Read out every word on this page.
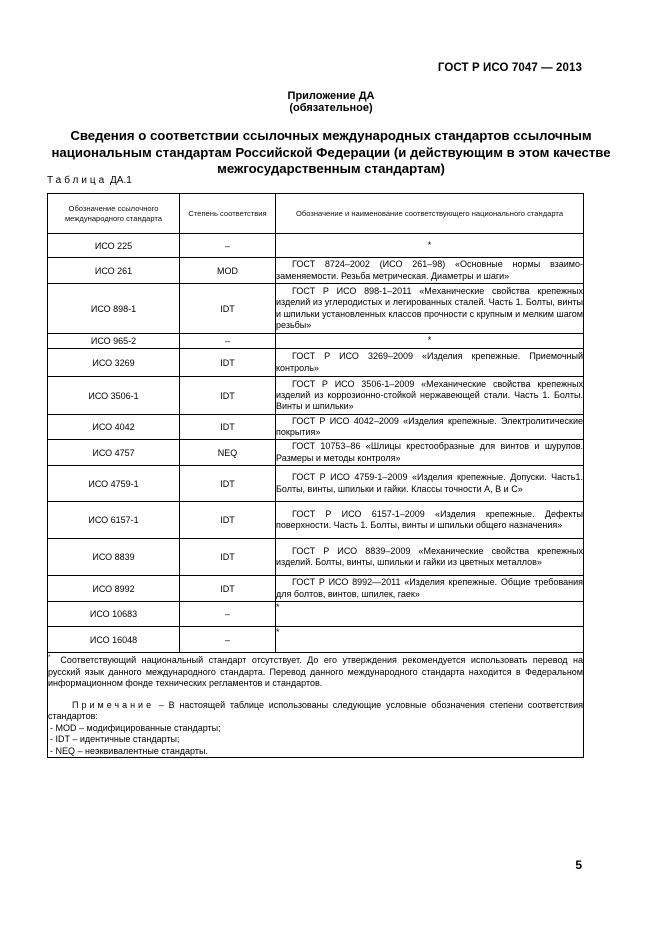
ГОСТ Р ИСО 7047 — 2013
Приложение ДА
(обязательное)
Сведения о соответствии ссылочных международных стандартов ссылочным национальным стандартам Российской Федерации (и действующим в этом качестве межгосударственным стандартам)
Таблица ДА.1
Обозначение ссылочного международного стандарта	Степень соответствия	Обозначение и наименование соответствующего национального стандарта
ИСО 225	–	*
ИСО 261	MOD	ГОСТ 8724–2002 (ИСО 261–98) «Основные нормы взаимозаменяемости. Резьба метрическая. Диаметры и шаги»
ИСО 898-1	IDT	ГОСТ Р ИСО 898-1–2011 «Механические свойства крепежных изделий из углеродистых и легированных сталей. Часть 1. Болты, винты и шпильки установленных классов прочности с крупным и мелким шагом резьбы»
ИСО 965-2	–	*
ИСО 3269	IDT	ГОСТ Р ИСО 3269–2009 «Изделия крепежные. Приемочный контроль»
ИСО 3506-1	IDT	ГОСТ Р ИСО 3506-1–2009 «Механические свойства крепежных изделий из коррозионно-стойкой нержавеющей стали. Часть 1. Болты. Винты и шпильки»
ИСО 4042	IDT	ГОСТ Р ИСО 4042–2009 «Изделия крепежные. Электролитические покрытия»
ИСО 4757	NEQ	ГОСТ 10753–86 «Шлицы крестообразные для винтов и шурупов. Размеры и методы контроля»
ИСО 4759-1	IDT	ГОСТ Р ИСО 4759-1–2009 «Изделия крепежные. Допуски. Часть1. Болты, винты, шпильки и гайки. Классы точности А, В и С»
ИСО 6157-1	IDT	ГОСТ Р ИСО 6157-1–2009 «Изделия крепежные. Дефекты поверхности. Часть 1. Болты, винты и шпильки общего назначения»
ИСО 8839	IDT	ГОСТ Р ИСО 8839–2009 «Механические свойства крепежных изделий. Болты, винты, шпильки и гайки из цветных металлов»
ИСО 8992	IDT	ГОСТ Р ИСО 8992—2011 «Изделия крепежные. Общие требования для болтов, винтов, шпилек, гаек»
ИСО 10683	–	*
ИСО 16048	–	*

* Соответствующий национальный стандарт отсутствует. До его утверждения рекомендуется использовать перевод на русский язык данного международного стандарта. Перевод данного международного стандарта находится в Федеральном информационном фонде технических регламентов и стандартов.

Примечание – В настоящей таблице использованы следующие условные обозначения степени соответствия стандартов:

- MOD – модифицированные стандарты;

- IDT – идентичные стандарты;

- NEQ – неэквивалентные стандарты.		

5
